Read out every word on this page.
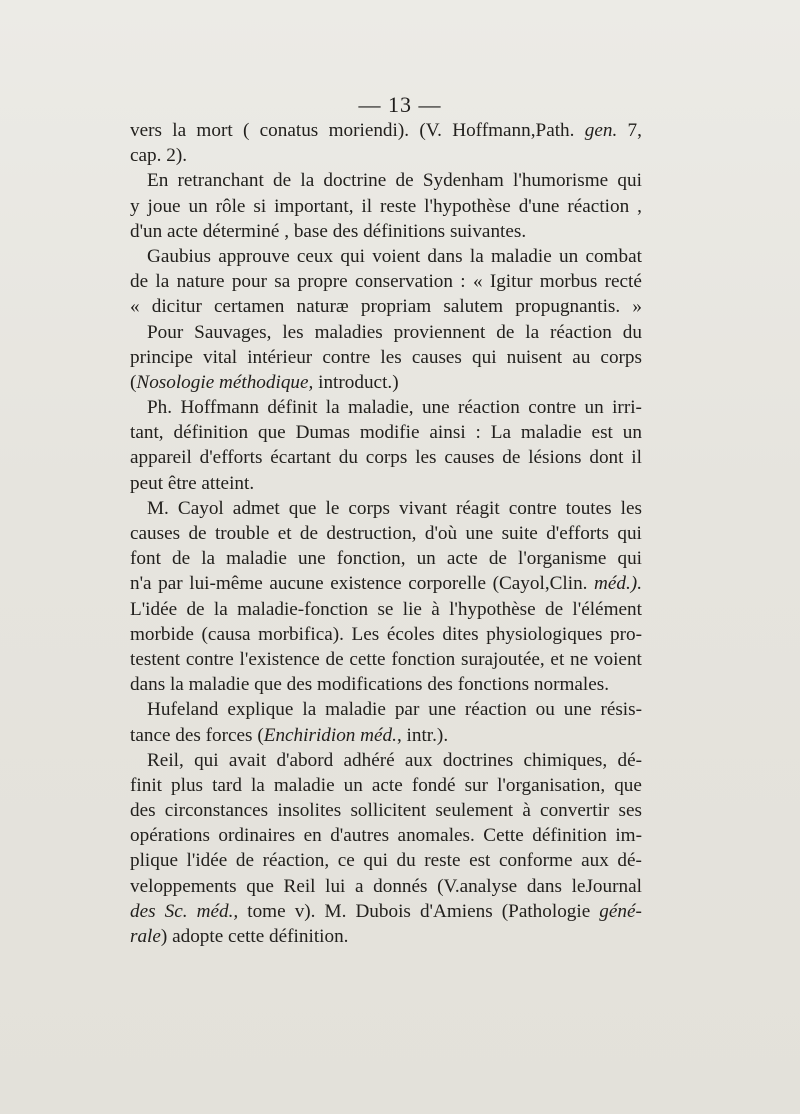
— 13 —
vers la mort ( conatus moriendi). (V. Hoffmann,Path. gen. 7,
cap. 2).
En retranchant de la doctrine de Sydenham l'humorisme qui
y joue un rôle si important, il reste l'hypothèse d'une réaction ,
d'un acte déterminé , base des définitions suivantes.
Gaubius approuve ceux qui voient dans la maladie un combat
de la nature pour sa propre conservation : « Igitur morbus recté
« dicitur certamen naturæ propriam salutem propugnantis. »
Pour Sauvages, les maladies proviennent de la réaction du
principe vital intérieur contre les causes qui nuisent au corps
( Nosologie méthodique, introduct.)
Ph. Hoffmann définit la maladie, une réaction contre un irri-
tant, définition que Dumas modifie ainsi : La maladie est un
appareil d'efforts écartant du corps les causes de lésions dont il
peut être atteint.
M. Cayol admet que le corps vivant réagit contre toutes les
causes de trouble et de destruction, d'où une suite d'efforts qui
font de la maladie une fonction, un acte de l'organisme qui
n'a par lui-même aucune existence corporelle (Cayol,Clin. méd.).
L'idée de la maladie-fonction se lie à l'hypothèse de l'élément
morbide (causa morbifica). Les écoles dites physiologiques pro-
testent contre l'existence de cette fonction surajoutée, et ne voient
dans la maladie que des modifications des fonctions normales.
Hufeland explique la maladie par une réaction ou une résis-
tance des forces ( Enchiridion méd. , intr.).
Reil, qui avait d'abord adhéré aux doctrines chimiques, dé-
finit plus tard la maladie un acte fondé sur l'organisation, que
des circonstances insolites sollicitent seulement à convertir ses
opérations ordinaires en d'autres anomales. Cette définition im-
plique l'idée de réaction, ce qui du reste est conforme aux dé-
veloppements que Reil lui a donnés (V.analyse dans leJournal
des Sc. méd., tome v). M. Dubois d'Amiens (Pathologie géné-
rale ) adopte cette définition.
